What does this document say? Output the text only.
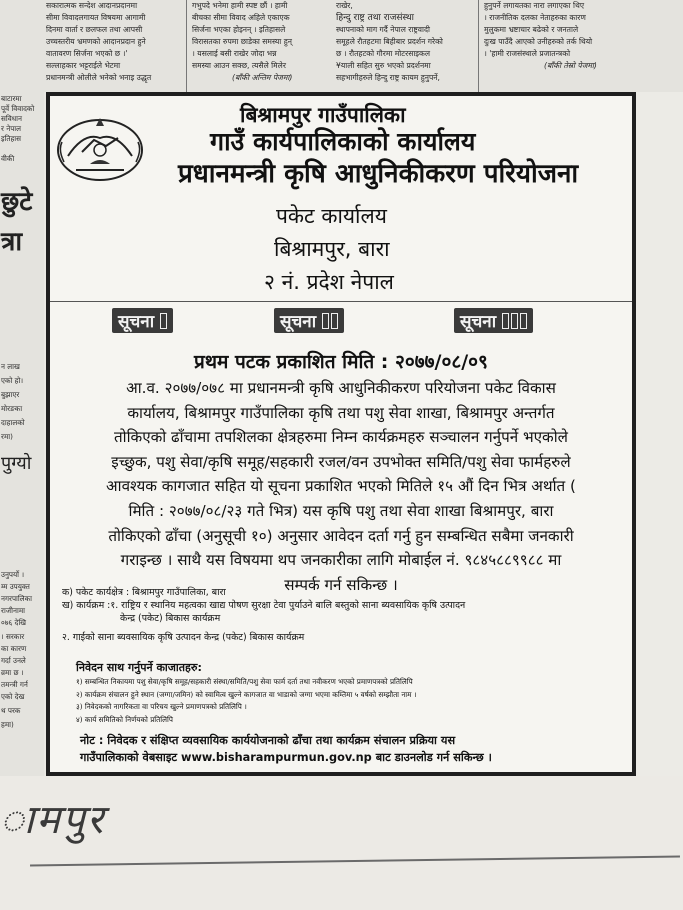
सकारात्मक सन्देश आदानप्रदानमा
सीमा विवादलगायत विषयमा आगामी
दिनमा वार्ता र छलफल तथा आपसी
उच्चस्तरीय भ्रमणको आदानप्रदान हुने
वातावरण सिर्जना भएको छ ।'
सल्लाहकार भट्टराईले भेटमा
प्रधानमन्त्री ओलीले भनेको भनाइ उद्धृत
गभुपदे भनेमा हामी स्पष्ट छौं । हामी
बीचका सीमा विवाद अहिले एकाएक
सिर्जना भएका होइनन् । इतिहासले
विरासतका रुपमा छाडेका समस्या हुन्
। यसलाई बसी राखेर जोदा भन्न
समस्या आउन सक्छ, त्यसैले मिलेर
(बाँकी अन्तिम पेजमा)
राखेर,
हिन्दु राष्ट्र तथा राजसंस्था
स्थापनाको माग गर्दै नेपाल राष्ट्रवादी
समूहले रौतहटमा बिहीबार प्रदर्शन गरेको
छ । रौतहटको गौरमा मोटरसाइकल
¥याली सहित सुरु भएको प्रदर्शनमा
सहभागीहरुले हिन्दु राष्ट्र कायम हुनुपर्ने,
हुनुपर्ने लगायतका नारा लगाएका थिए
। राजनीतिक दलका नेताहरुका कारण
मुलुकमा भ्रष्टाचार बढेको र जनताले
दुःख पाउँदै आएको उनीहरुको तर्क थियो
। 'हामी राजसंस्थाले प्रजातन्त्रको
(बाँकी तेस्रो पेजमा)
बाटारमा
पूर्वे विवादको
सविधान
र नेपाल
इतिहास
वीकी
छुटे
त्रा
न लाख
एको हो।
बुझाएर
मोरङका
दाहालको
रमा)
पुग्यो
उनुपर्यो ।
म्म उपयुक्त
नगरपालिका
राजीनामा
०७६ देखि
। सरकार
का कारण
गर्दा उनले
व्रमा छ ।
तमन्त्री गर्न
एको देख
थ परक
हमा)
बिश्रामपुर गाउँपालिका
गाउँ कार्यपालिकाको कार्यालय
प्रधानमन्त्री कृषि आधुनिकीकरण परियोजना
पकेट कार्यालय
बिश्रामपुर, बारा
२ नं. प्रदेश नेपाल
सूचना	सूचना	सूचना
प्रथम पटक प्रकाशित मिति : २०७७/०८/०९
आ.व. २०७७/०७८ मा प्रधानमन्त्री कृषि आधुनिकीकरण परियोजना पकेट विकास
कार्यालय, बिश्रामपुर गाउँपालिका कृषि तथा पशु सेवा शाखा, बिश्रामपुर अन्तर्गत
तोकिएको ढाँचामा तपशिलका क्षेत्रहरुमा निम्न कार्यक्रमहरु सञ्चालन गर्नुपर्ने भएकोले
इच्छुक, पशु सेवा/कृषि समूह/सहकारी रजल/वन उपभोक्त समिति/पशु सेवा फार्महरुले
आवश्यक कागजात सहित यो सूचना प्रकाशित भएको मितिले १५ औं दिन भित्र अर्थात (
मिति : २०७७/०८/२३ गते भित्र) यस कृषि पशु तथा सेवा शाखा बिश्रामपुर, बारा
तोकिएको ढाँचा (अनुसूची १०) अनुसार आवेदन दर्ता गर्नु हुन सम्बन्धित सबैमा जनकारी
गराइन्छ । साथै यस विषयमा थप जनकारीका लागि मोबाईल नं. ९८४५८८९९८८ मा
सम्पर्क गर्न सकिन्छ ।
क) पकेट कार्यक्षेत्र : बिश्रामपुर गाउँपालिका, बारा
ख) कार्यक्रम :१. राष्ट्रिय र स्थानिय महत्वका खाद्य पोषण सुरक्षा टेवा पुर्याउने बालि बस्तुको साना ब्यवसायिक कृषि उत्पादन
केन्द्र (पकेट) बिकास कार्यक्रम
२. गाईको साना ब्यवसायिक कृषि उत्पादन केन्द्र (पकेट) बिकास कार्यक्रम
निवेदन साथ गर्नुपर्ने काजातहरु:
१) सम्बन्धित निकायमा पशु सेवा/कृषि समूह/सहकारी संस्था/समिति/पशु सेवा फार्म दर्ता तथा नवीकरण भएको प्रमाणपत्रको प्रतिलिपि
२) कार्यक्रम संचालन हुने स्थान (जग्गा/जमिन) को स्वामित्व खुल्ने कागजात वा भाडाको जग्गा भएमा कम्तिमा ५ वर्षको सम्झौता नाम ।
३) निवेदकको नागरिकता वा परिचय खुल्ने प्रमाणपत्रको प्रतिलिपि ।
४) कार्य समितिको निर्णयको प्रतिलिपि
नोट : निवेदक र संक्षिप्त व्यवसायिक कार्ययोजनाको ढाँचा तथा कार्यक्रम संचालन प्रक्रिया यस
गाउँपालिकाको वेबसाइट www.bisharampurmun.gov.np बाट डाउनलोड गर्न सकिन्छ ।
ामपुर
